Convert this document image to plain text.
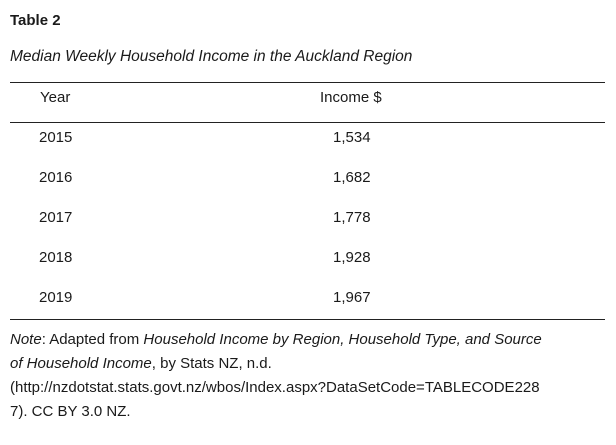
Table 2
Median Weekly Household Income in the Auckland Region
Year	Income $
2015	1,534
2016	1,682
2017	1,778
2018	1,928
2019	1,967
Note: Adapted from Household Income by Region, Household Type, and Source
of Household Income, by Stats NZ, n.d.
(http://nzdotstat.stats.govt.nz/wbos/Index.aspx?DataSetCode=TABLECODE228
7). CC BY 3.0 NZ.
